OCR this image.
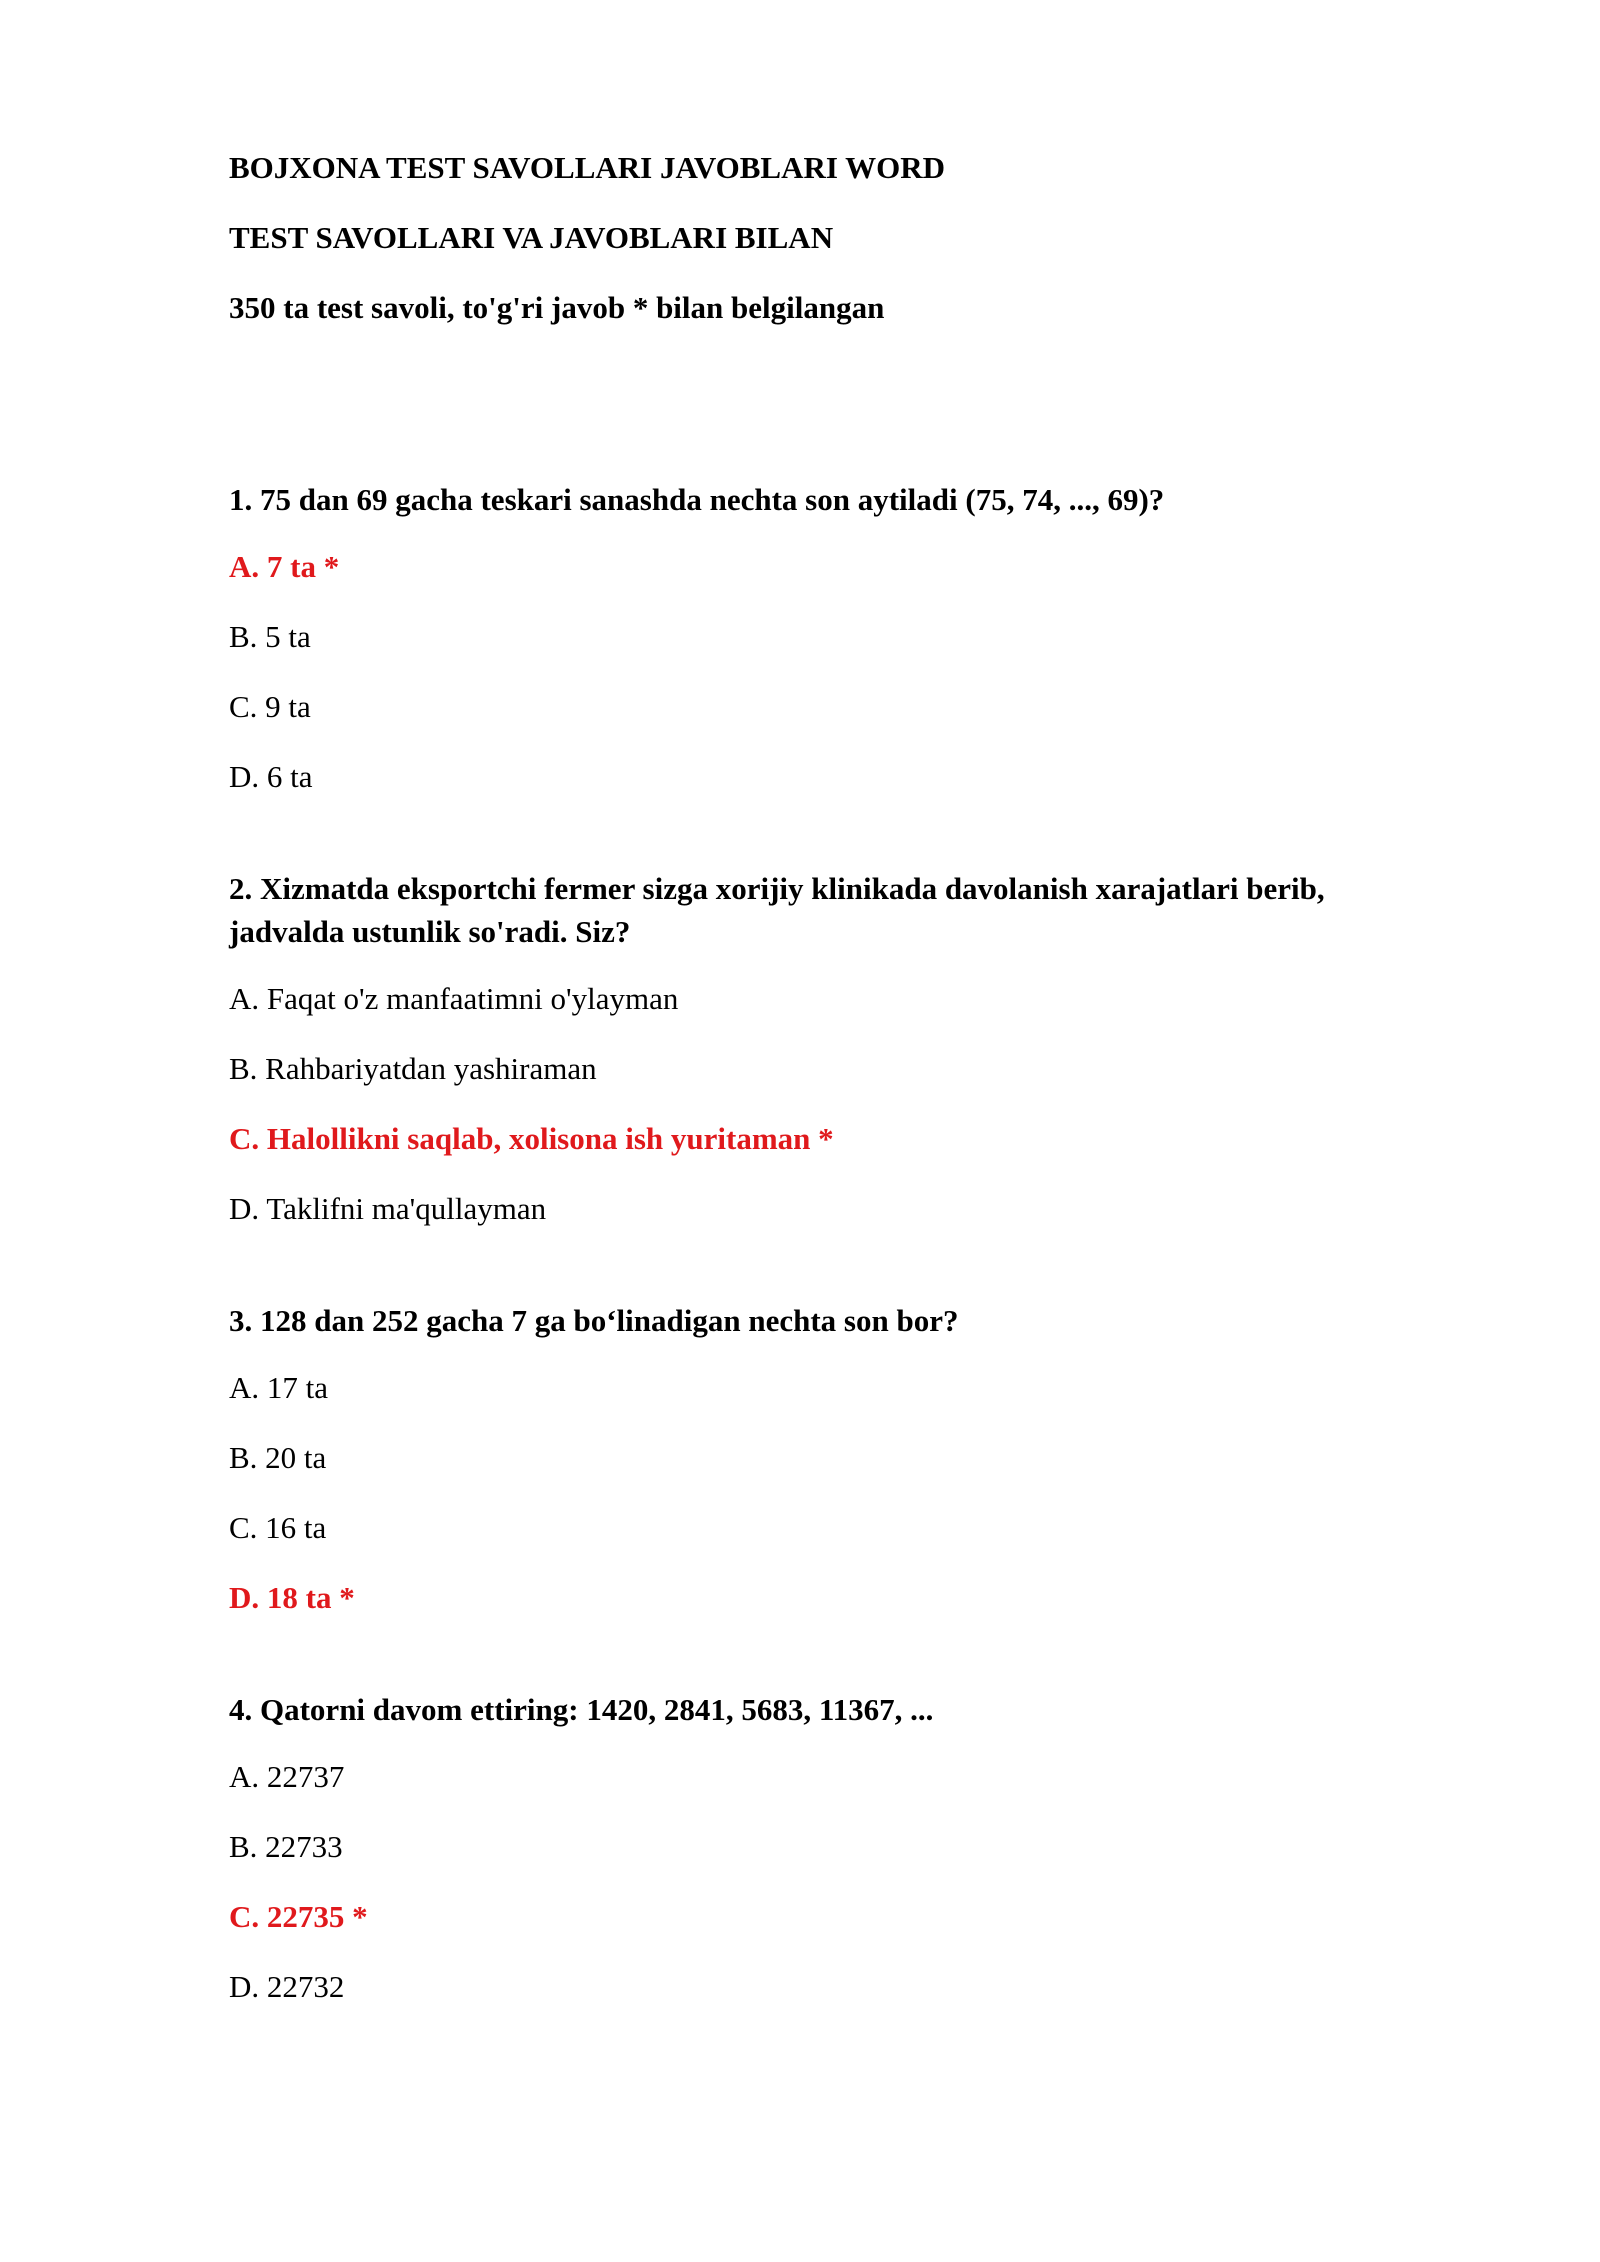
BOJXONA TEST SAVOLLARI JAVOBLARI WORD

TEST SAVOLLARI VA JAVOBLARI BILAN

350 ta test savoli, to'g'ri javob * bilan belgilangan

1. 75 dan 69 gacha teskari sanashda nechta son aytiladi (75, 74, ..., 69)?

A. 7 ta *

B. 5 ta

C. 9 ta

D. 6 ta

2. Xizmatda eksportchi fermer sizga xorijiy klinikada davolanish xarajatlari berib, jadvalda ustunlik so'radi. Siz?

A. Faqat o'z manfaatimni o'ylayman

B. Rahbariyatdan yashiraman

C. Halollikni saqlab, xolisona ish yuritaman *

D. Taklifni ma'qullayman

3. 128 dan 252 gacha 7 ga bo‘linadigan nechta son bor?

A. 17 ta

B. 20 ta

C. 16 ta

D. 18 ta *

4. Qatorni davom ettiring: 1420, 2841, 5683, 11367, ...

A. 22737

B. 22733

C. 22735 *

D. 22732
